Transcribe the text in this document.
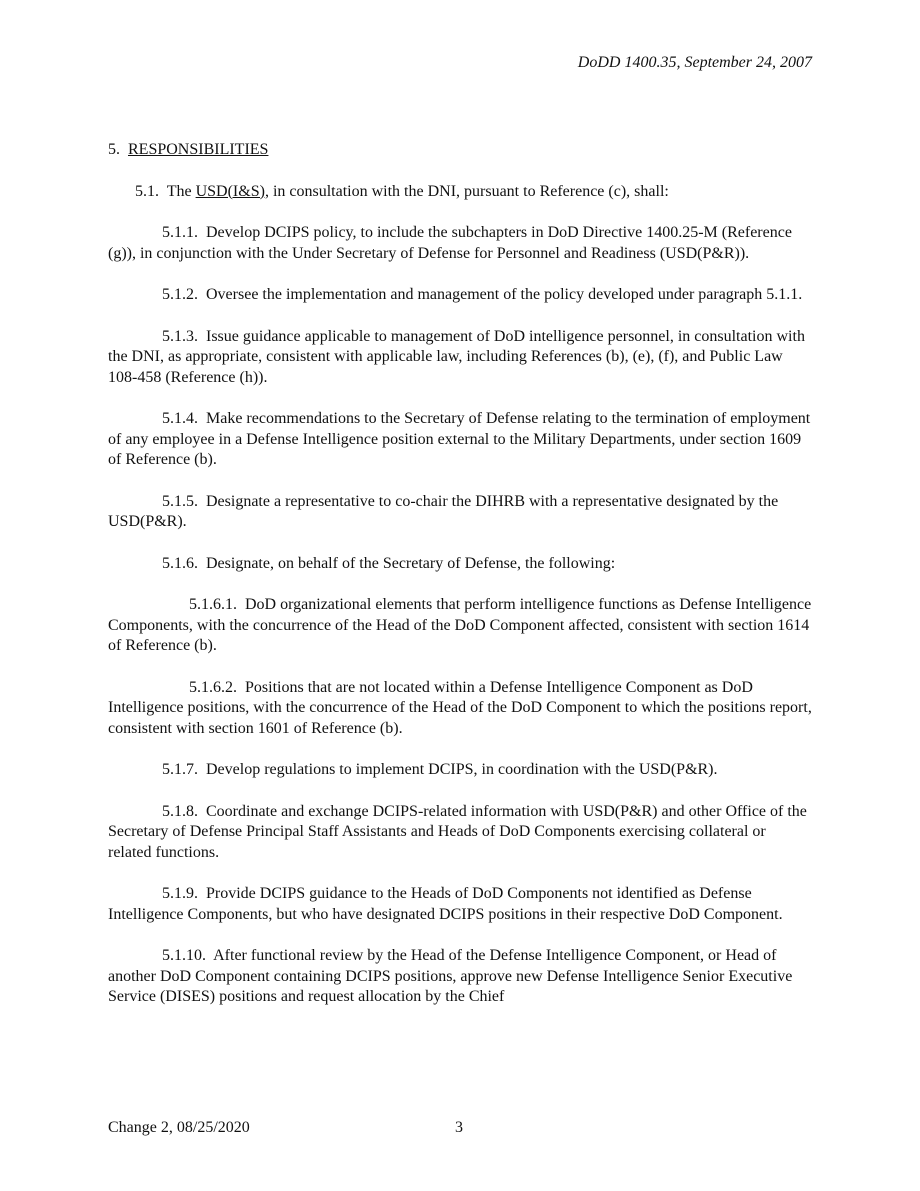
DoDD 1400.35, September 24, 2007

5. RESPONSIBILITIES

5.1. The USD(I&S), in consultation with the DNI, pursuant to Reference (c), shall:

5.1.1. Develop DCIPS policy, to include the subchapters in DoD Directive 1400.25-M (Reference (g)), in conjunction with the Under Secretary of Defense for Personnel and Readiness (USD(P&R)).

5.1.2. Oversee the implementation and management of the policy developed under paragraph 5.1.1.

5.1.3. Issue guidance applicable to management of DoD intelligence personnel, in consultation with the DNI, as appropriate, consistent with applicable law, including References (b), (e), (f), and Public Law 108-458 (Reference (h)).

5.1.4. Make recommendations to the Secretary of Defense relating to the termination of employment of any employee in a Defense Intelligence position external to the Military Departments, under section 1609 of Reference (b).

5.1.5. Designate a representative to co-chair the DIHRB with a representative designated by the USD(P&R).

5.1.6. Designate, on behalf of the Secretary of Defense, the following:

5.1.6.1. DoD organizational elements that perform intelligence functions as Defense Intelligence Components, with the concurrence of the Head of the DoD Component affected, consistent with section 1614 of Reference (b).

5.1.6.2. Positions that are not located within a Defense Intelligence Component as DoD Intelligence positions, with the concurrence of the Head of the DoD Component to which the positions report, consistent with section 1601 of Reference (b).

5.1.7. Develop regulations to implement DCIPS, in coordination with the USD(P&R).

5.1.8. Coordinate and exchange DCIPS-related information with USD(P&R) and other Office of the Secretary of Defense Principal Staff Assistants and Heads of DoD Components exercising collateral or related functions.

5.1.9. Provide DCIPS guidance to the Heads of DoD Components not identified as Defense Intelligence Components, but who have designated DCIPS positions in their respective DoD Component.

5.1.10. After functional review by the Head of the Defense Intelligence Component, or Head of another DoD Component containing DCIPS positions, approve new Defense Intelligence Senior Executive Service (DISES) positions and request allocation by the Chief

Change 2, 08/25/2020	3
